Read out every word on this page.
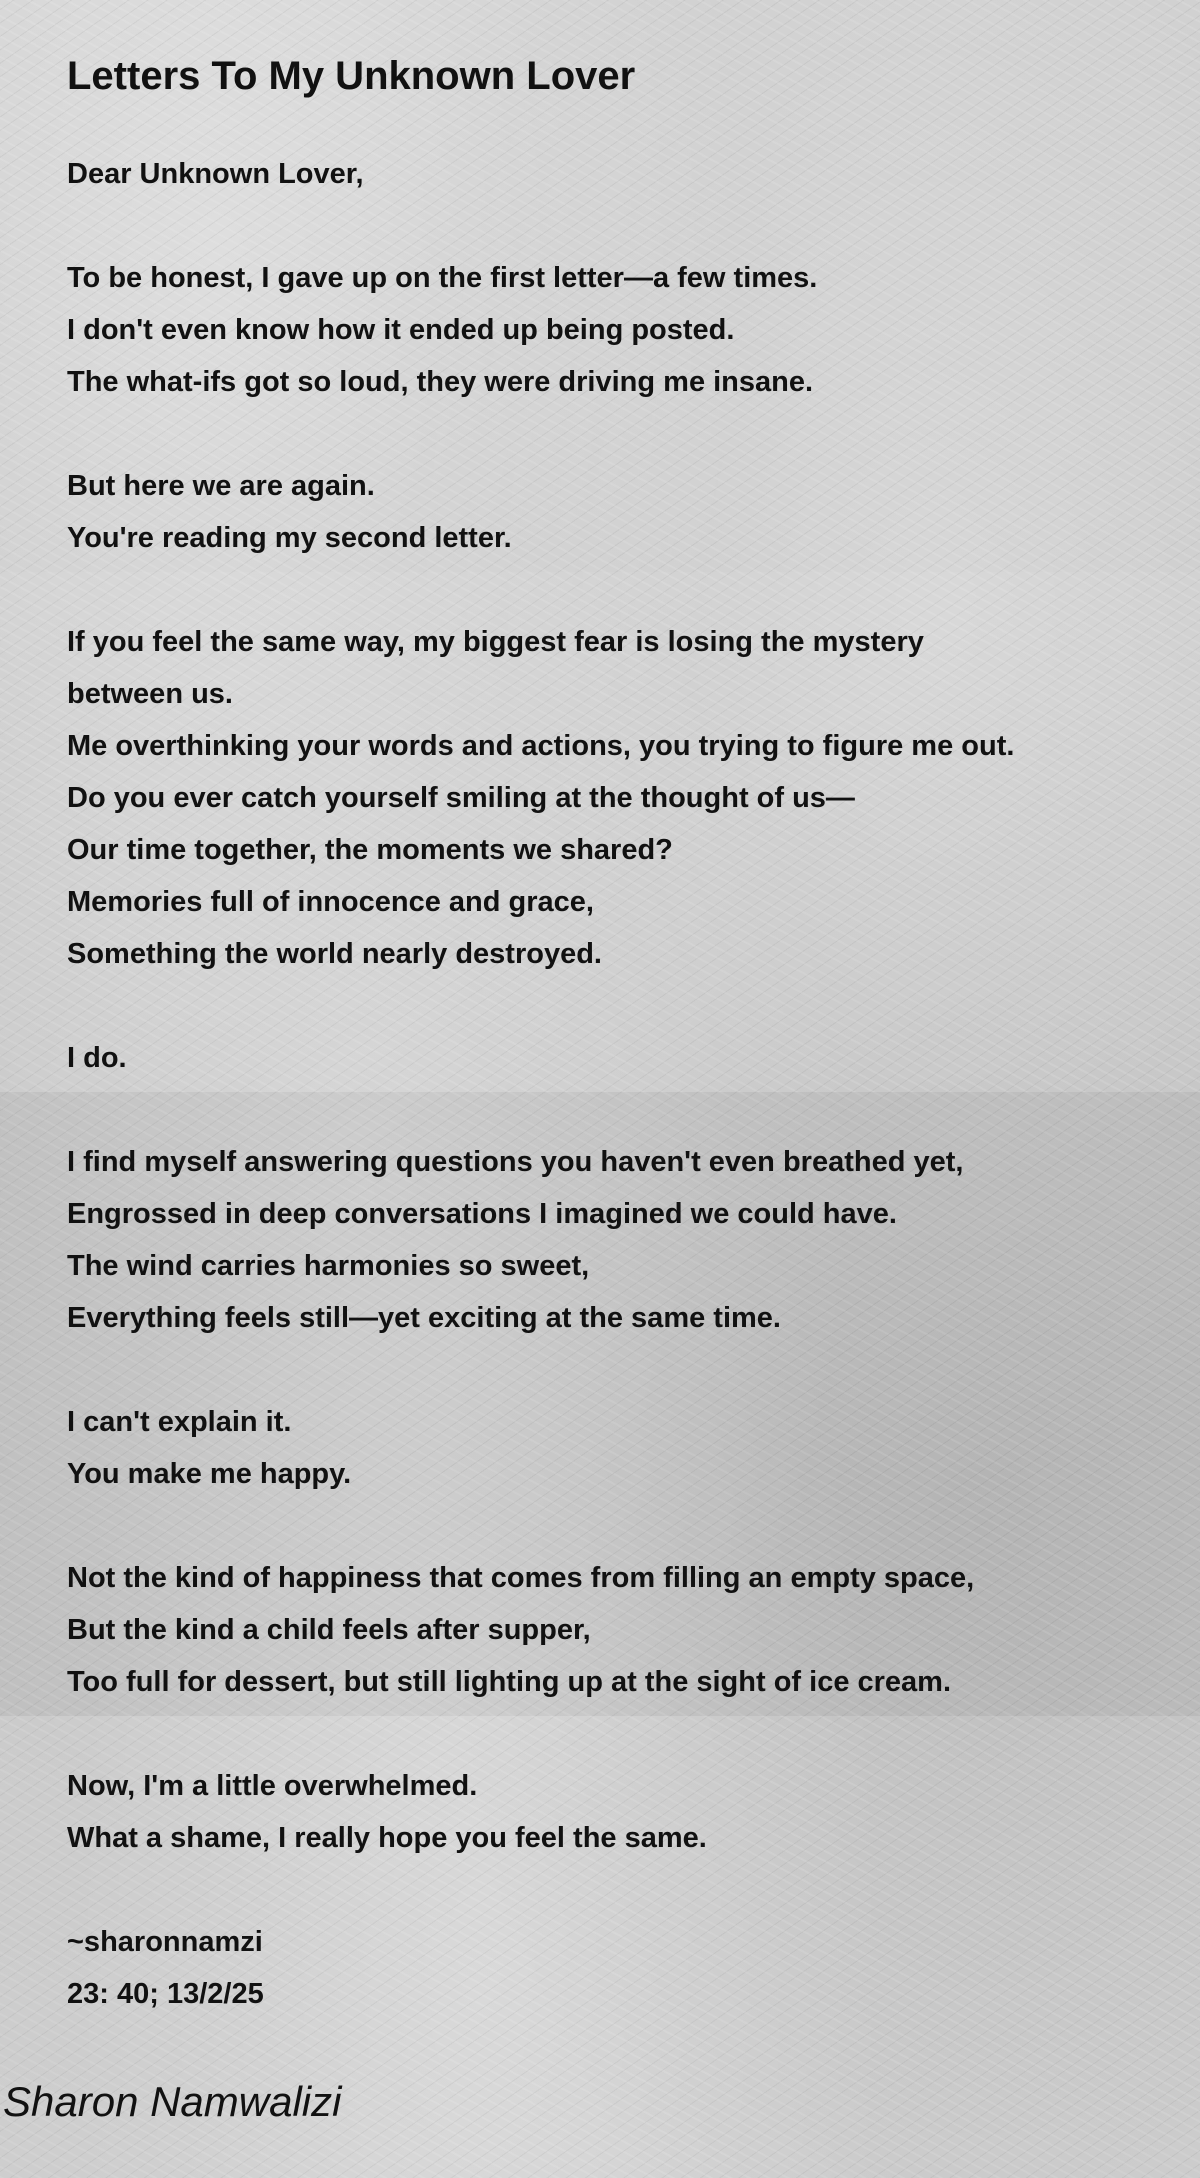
Letters To My Unknown Lover
Dear Unknown Lover,
To be honest, I gave up on the first letter—a few times.
I don't even know how it ended up being posted.
The what-ifs got so loud, they were driving me insane.
But here we are again.
You're reading my second letter.
If you feel the same way, my biggest fear is losing the mystery
between us.
Me overthinking your words and actions, you trying to figure me out.
Do you ever catch yourself smiling at the thought of us—
Our time together, the moments we shared?
Memories full of innocence and grace,
Something the world nearly destroyed.
I do.
I find myself answering questions you haven't even breathed yet,
Engrossed in deep conversations I imagined we could have.
The wind carries harmonies so sweet,
Everything feels still—yet exciting at the same time.
I can't explain it.
You make me happy.
Not the kind of happiness that comes from filling an empty space,
But the kind a child feels after supper,
Too full for dessert, but still lighting up at the sight of ice cream.
Now, I'm a little overwhelmed.
What a shame, I really hope you feel the same.
~sharonnamzi
23: 40; 13/2/25
Sharon Namwalizi
